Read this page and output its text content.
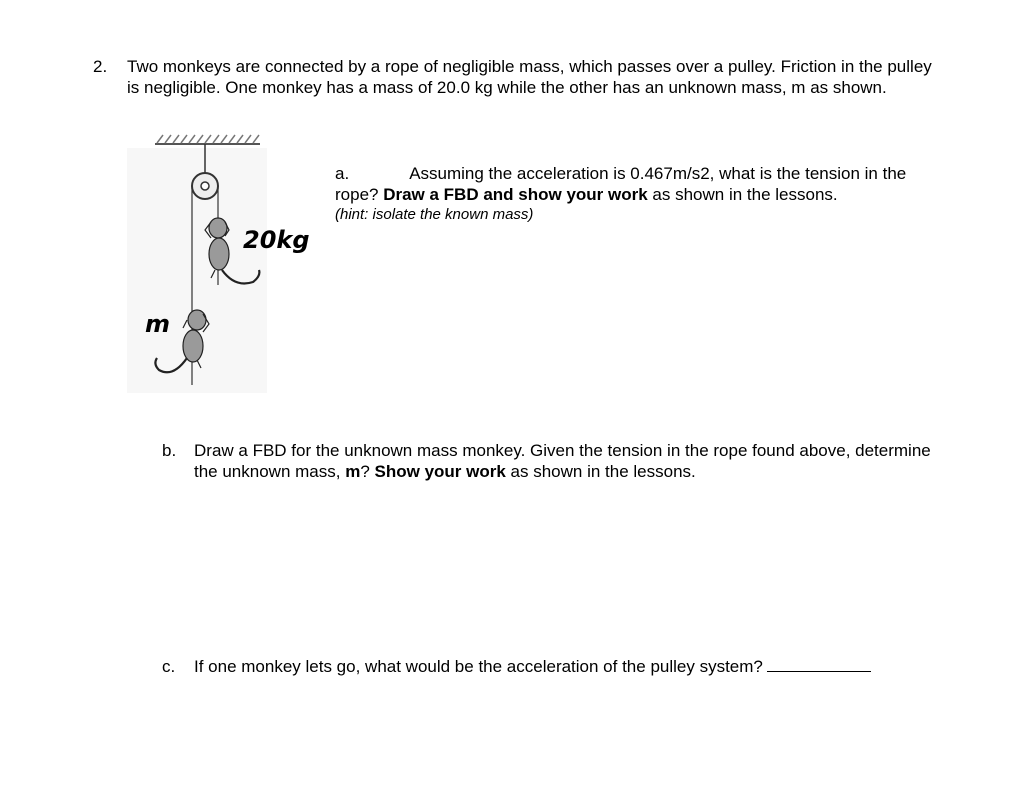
2. Two monkeys are connected by a rope of negligible mass, which passes over a pulley. Friction in the pulley is negligible. One monkey has a mass of 20.0 kg while the other has an unknown mass, m as shown.
20kg
m
a.	Assuming the acceleration is 0.467m/s2, what is the tension in the rope? Draw a FBD and show your work as shown in the lessons.
(hint: isolate the known mass)
b. Draw a FBD for the unknown mass monkey. Given the tension in the rope found above, determine the unknown mass, m? Show your work as shown in the lessons.
c. If one monkey lets go, what would be the acceleration of the pulley system?
